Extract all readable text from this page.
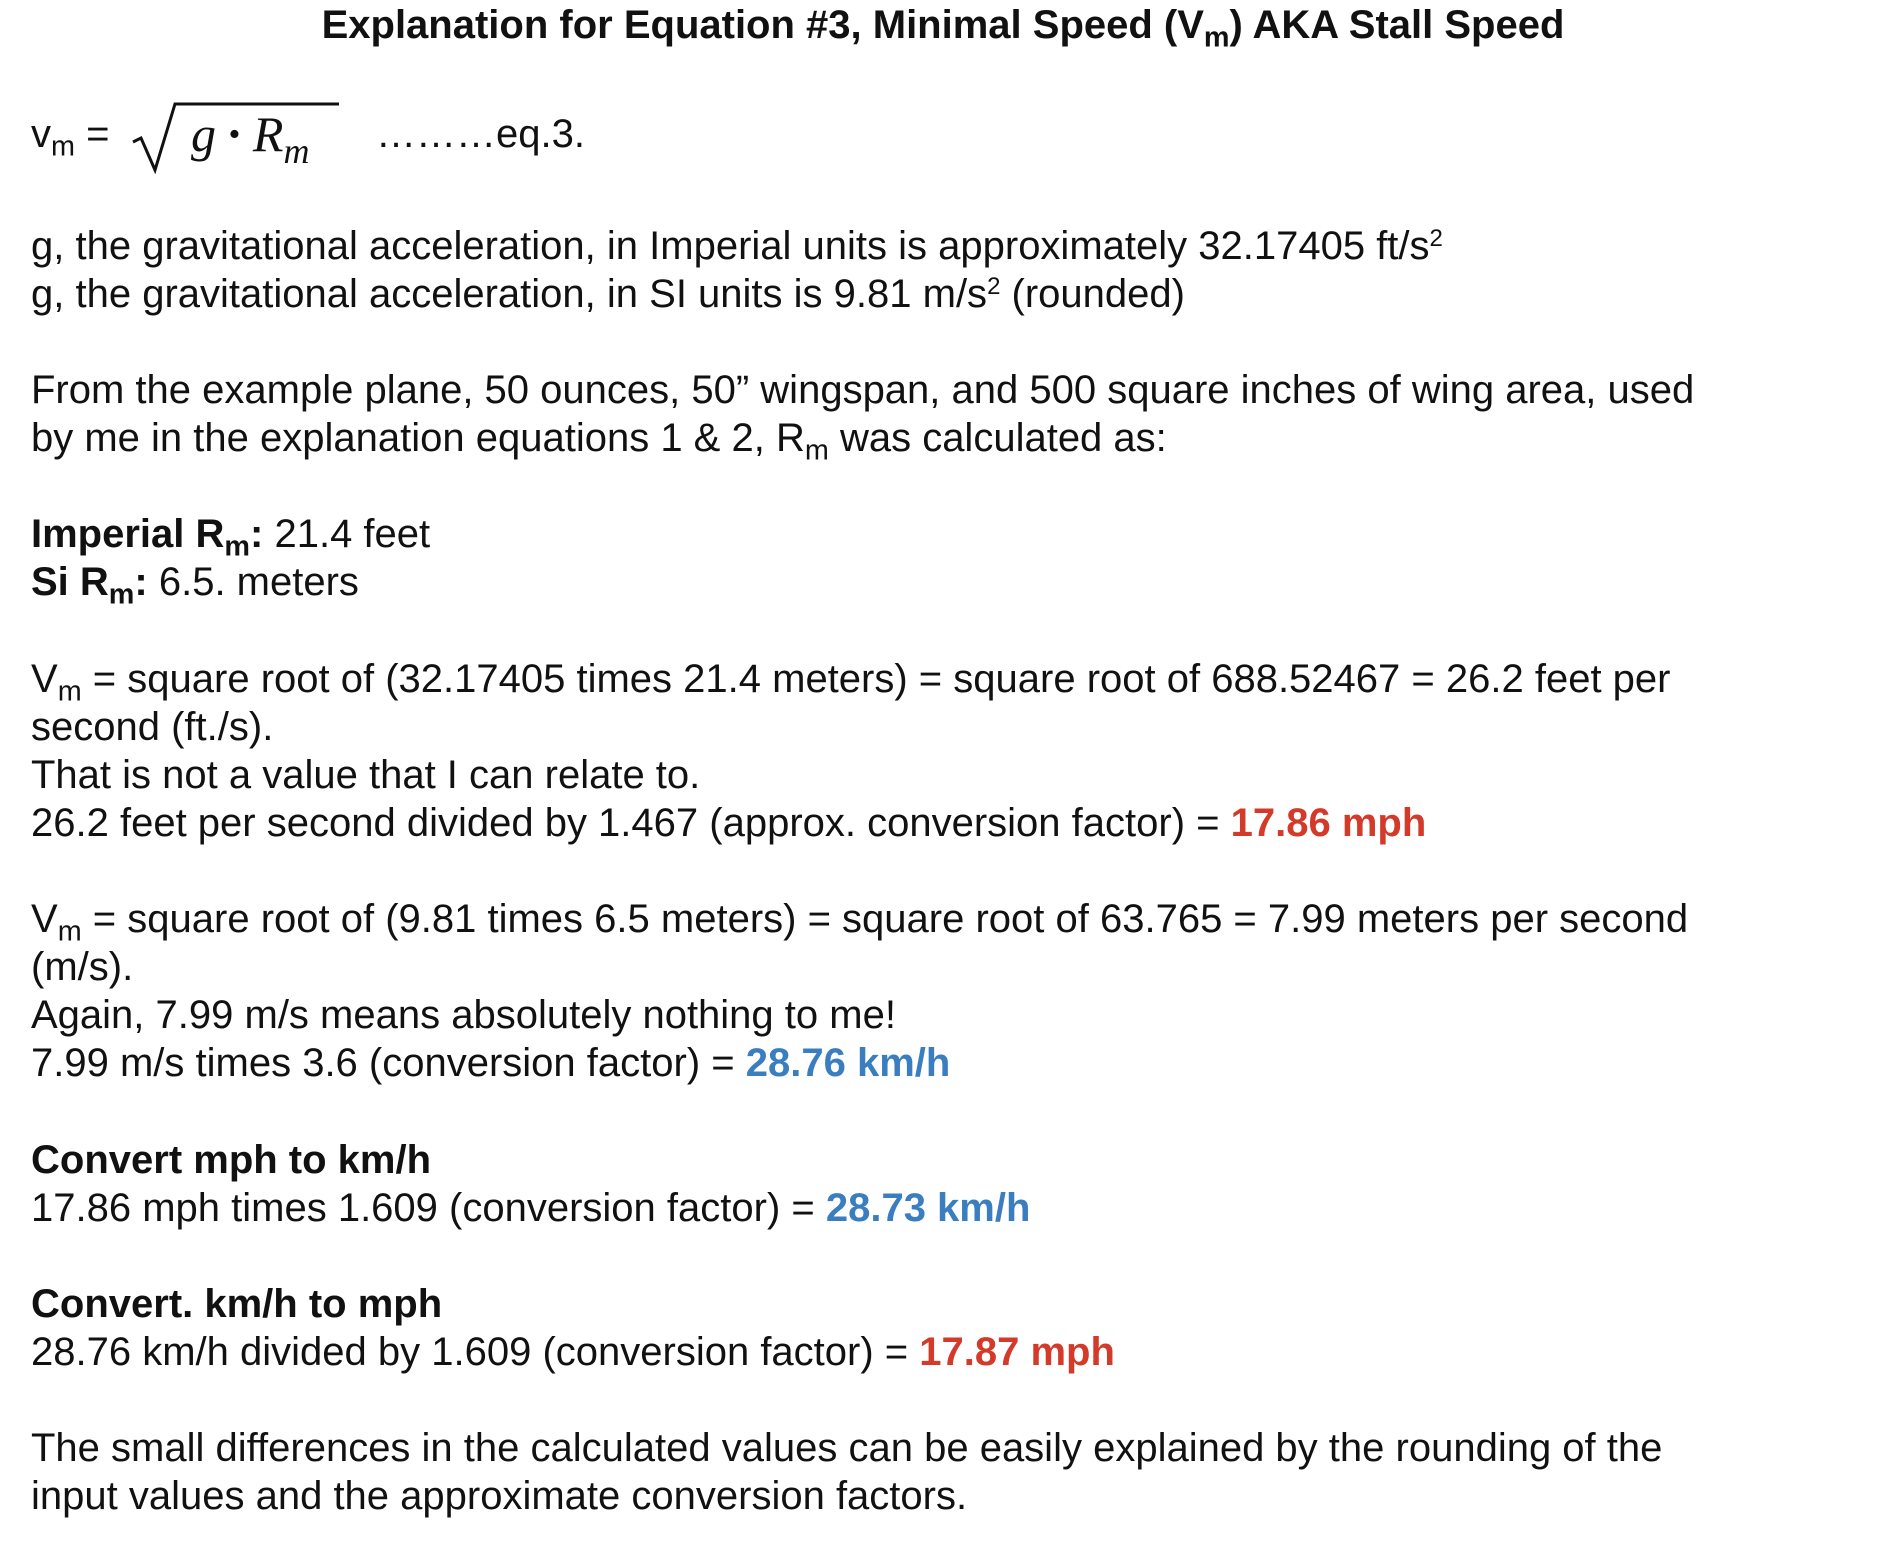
Explanation for Equation #3, Minimal Speed $(V_m)$ AKA Stall Speed
$v_m = g$ • $R_m$ ………eq.3.
g, the gravitational acceleration, in Imperial units is approximately 32.17405 $ft/s^2$
g, the gravitational acceleration, in SI units is 9.81 $m/s^2$ (rounded)
From the example plane, 50 ounces, 50” wingspan, and 500 square inches of wing area, used
by me in the explanation equations 1 & 2, $R_m$ was calculated as:
Imperial $R_m$: 21.4 feet
Si $R_m$: 6.5. meters
$V_m$ = square root of (32.17405 times 21.4 meters) = square root of 688.52467 = 26.2 feet per
second (ft./s).
That is not a value that I can relate to.
26.2 feet per second divided by 1.467 (approx. conversion factor) = 17.86 mph
$V_m$ = square root of (9.81 times 6.5 meters) = square root of 63.765 = 7.99 meters per second
(m/s).
Again, 7.99 m/s means absolutely nothing to me!
7.99 m/s times 3.6 (conversion factor) = 28.76 km/h
Convert mph to km/h
17.86 mph times 1.609 (conversion factor) = 28.73 km/h
Convert. km/h to mph
28.76 km/h divided by 1.609 (conversion factor) = 17.87 mph
The small differences in the calculated values can be easily explained by the rounding of the
input values and the approximate conversion factors.
